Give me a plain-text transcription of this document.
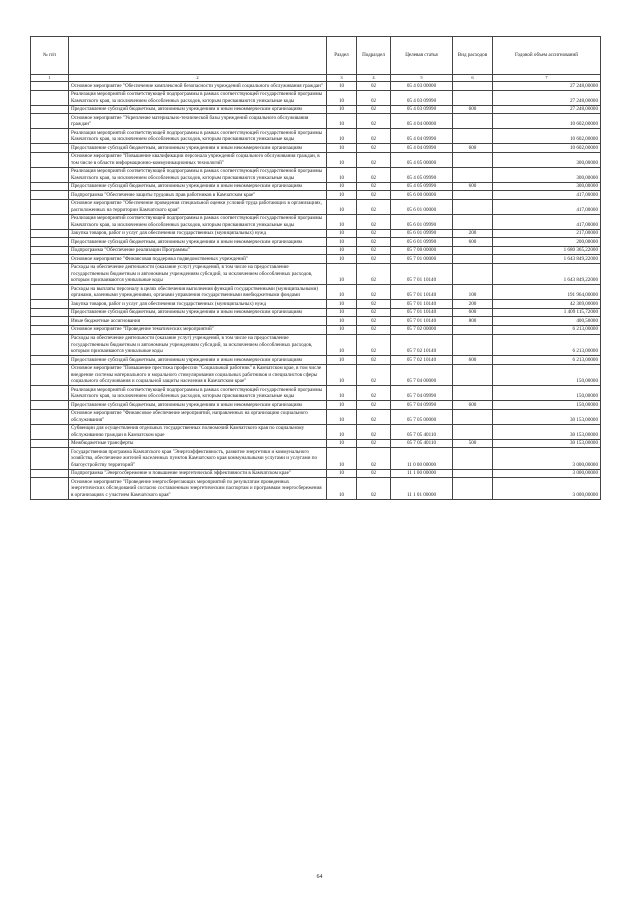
№ п/п		Раздел	Подраздел	Целевая статья	Вид расходов	Годовой объем ассигнований
1	2	3	4	5	6	7
	Основное мероприятие "Обеспечение комплексной безопасности учреждений социального обслуживания граждан"	10	02	05 4 03 00000		27 248,00000
	Реализация мероприятий соответствующей подпрограммы в рамках соответствующей государственной программы Камчатского края, за исключением обособленных расходов, которым присваиваются уникальные коды	10	02	05 4 03 09990		27 248,00000
	Предоставление субсидий бюджетным, автономным учреждениям и иным некоммерческим организациям	10	02	05 4 03 09990	600	27 248,00000
	Основное мероприятие "Укрепление материально-технической базы учреждений социального обслуживания граждан"	10	02	05 4 04 00000		10 602,00000
	Реализация мероприятий соответствующей подпрограммы в рамках соответствующей государственной программы Камчатского края, за исключением обособленных расходов, которым присваиваются уникальные коды	10	02	05 4 04 09990		10 602,00000
	Предоставление субсидий бюджетным, автономным учреждениям и иным некоммерческим организациям	10	02	05 4 04 09990	600	10 602,00000
	Основное мероприятие "Повышение квалификации персонала учреждений социального обслуживания граждан, в том числе в области информационно-коммуникационных технологий"	10	02	05 4 05 00000		300,00000
	Реализация мероприятий соответствующей подпрограммы в рамках соответствующей государственной программы Камчатского края, за исключением обособленных расходов, которым присваиваются уникальные коды	10	02	05 4 05 09990		300,00000
	Предоставление субсидий бюджетным, автономным учреждениям и иным некоммерческим организациям	10	02	05 4 05 09990	600	300,00000
	Подпрограмма "Обеспечение защиты трудовых прав работников в Камчатском крае"	10	02	05 6 00 00000		417,00000
	Основное мероприятие "Обеспечение проведения специальной оценки условий труда работающих в организациях, расположенных на территории Камчатского края"	10	02	05 6 01 00000		417,00000
	Реализация мероприятий соответствующей подпрограммы в рамках соответствующей государственной программы Камчатского края, за исключением обособленных расходов, которым присваиваются уникальные коды	10	02	05 6 01 09990		417,00000
	Закупка товаров, работ и услуг для обеспечения государственных (муниципальных) нужд	10	02	05 6 01 09990	200	217,00000
	Предоставление субсидий бюджетным, автономным учреждениям и иным некоммерческим организациям	10	02	05 6 01 09990	600	200,00000
	Подпрограмма "Обеспечение реализации Программы"	10	02	05 7 00 00000		1 680 365,22000
	Основное мероприятие "Финансовая поддержка подведомственных учреждений"	10	02	05 7 01 00000		1 643 849,22000
	Расходы на обеспечение деятельности (оказание услуг) учреждений, в том числе на предоставление государственным бюджетным и автономным учреждениям субсидий, за исключением обособленных расходов, которым присваиваются уникальные коды	10	02	05 7 01 10140		1 643 849,22000
	Расходы на выплаты персоналу в целях обеспечения выполнения функций государственными (муниципальными) органами, казенными учреждениями, органами управления государственными внебюджетными фондами	10	02	05 7 01 10140	100	191 964,00000
	Закупка товаров, работ и услуг для обеспечения государственных (муниципальных) нужд	10	02	05 7 01 10140	200	42 369,00000
	Предоставление субсидий бюджетным, автономным учреждениям и иным некоммерческим организациям	10	02	05 7 01 10140	600	1 409 115,72000
	Иные бюджетные ассигнования	10	02	05 7 01 10140	800	400,50000
	Основное мероприятие "Проведение тематических мероприятий"	10	02	05 7 02 00000		6 213,00000
	Расходы на обеспечение деятельности (оказание услуг) учреждений, в том числе на предоставление государственным бюджетным и автономным учреждениям субсидий, за исключением обособленных расходов, которым присваиваются уникальные коды	10	02	05 7 02 10140		6 213,00000
	Предоставление субсидий бюджетным, автономным учреждениям и иным некоммерческим организациям	10	02	05 7 02 10140	600	6 213,00000
	Основное мероприятие "Повышение престижа профессии "Социальный работник" в Камчатском крае, в том числе внедрение системы материального и морального стимулирования социальных работников и специалистов сферы социального обслуживания и социальной защиты населения в Камчатском крае"	10	02	05 7 04 00000		150,00000
	Реализация мероприятий соответствующей подпрограммы в рамках соответствующей государственной программы Камчатского края, за исключением обособленных расходов, которым присваиваются уникальные коды	10	02	05 7 04 09990		150,00000
	Предоставление субсидий бюджетным, автономным учреждениям и иным некоммерческим организациям	10	02	05 7 04 09990	600	150,00000
	Основное мероприятие "Финансовое обеспечение мероприятий, направленных на организацию социального обслуживания"	10	02	05 7 05 00000		30 153,00000
	Субвенции для осуществления отдельных государственных полномочий Камчатского края по социальному обслуживанию граждан в Камчатском крае	10	02	05 7 05 40110		30 153,00000
	Межбюджетные трансферты	10	02	05 7 05 40110	500	30 153,00000
	Государственная программа Камчатского края "Энергоэффективность, развитие энергетики и коммунального хозяйства, обеспечение жителей населенных пунктов Камчатского края коммунальными услугами и услугами по благоустройству территорий"	10	02	11 0 00 00000		3 000,00000
	Подпрограмма "Энергосбережение и повышение энергетической эффективности в Камчатском крае"	10	02	11 1 00 00000		3 000,00000
	Основное мероприятие "Проведение энергосберегающих мероприятий по результатам проведенных энергетических обследований согласно составленным энергетическим паспортам и программам энергосбережения в организациях с участием Камчатского края"	10	02	11 1 01 00000		3 000,00000
64
